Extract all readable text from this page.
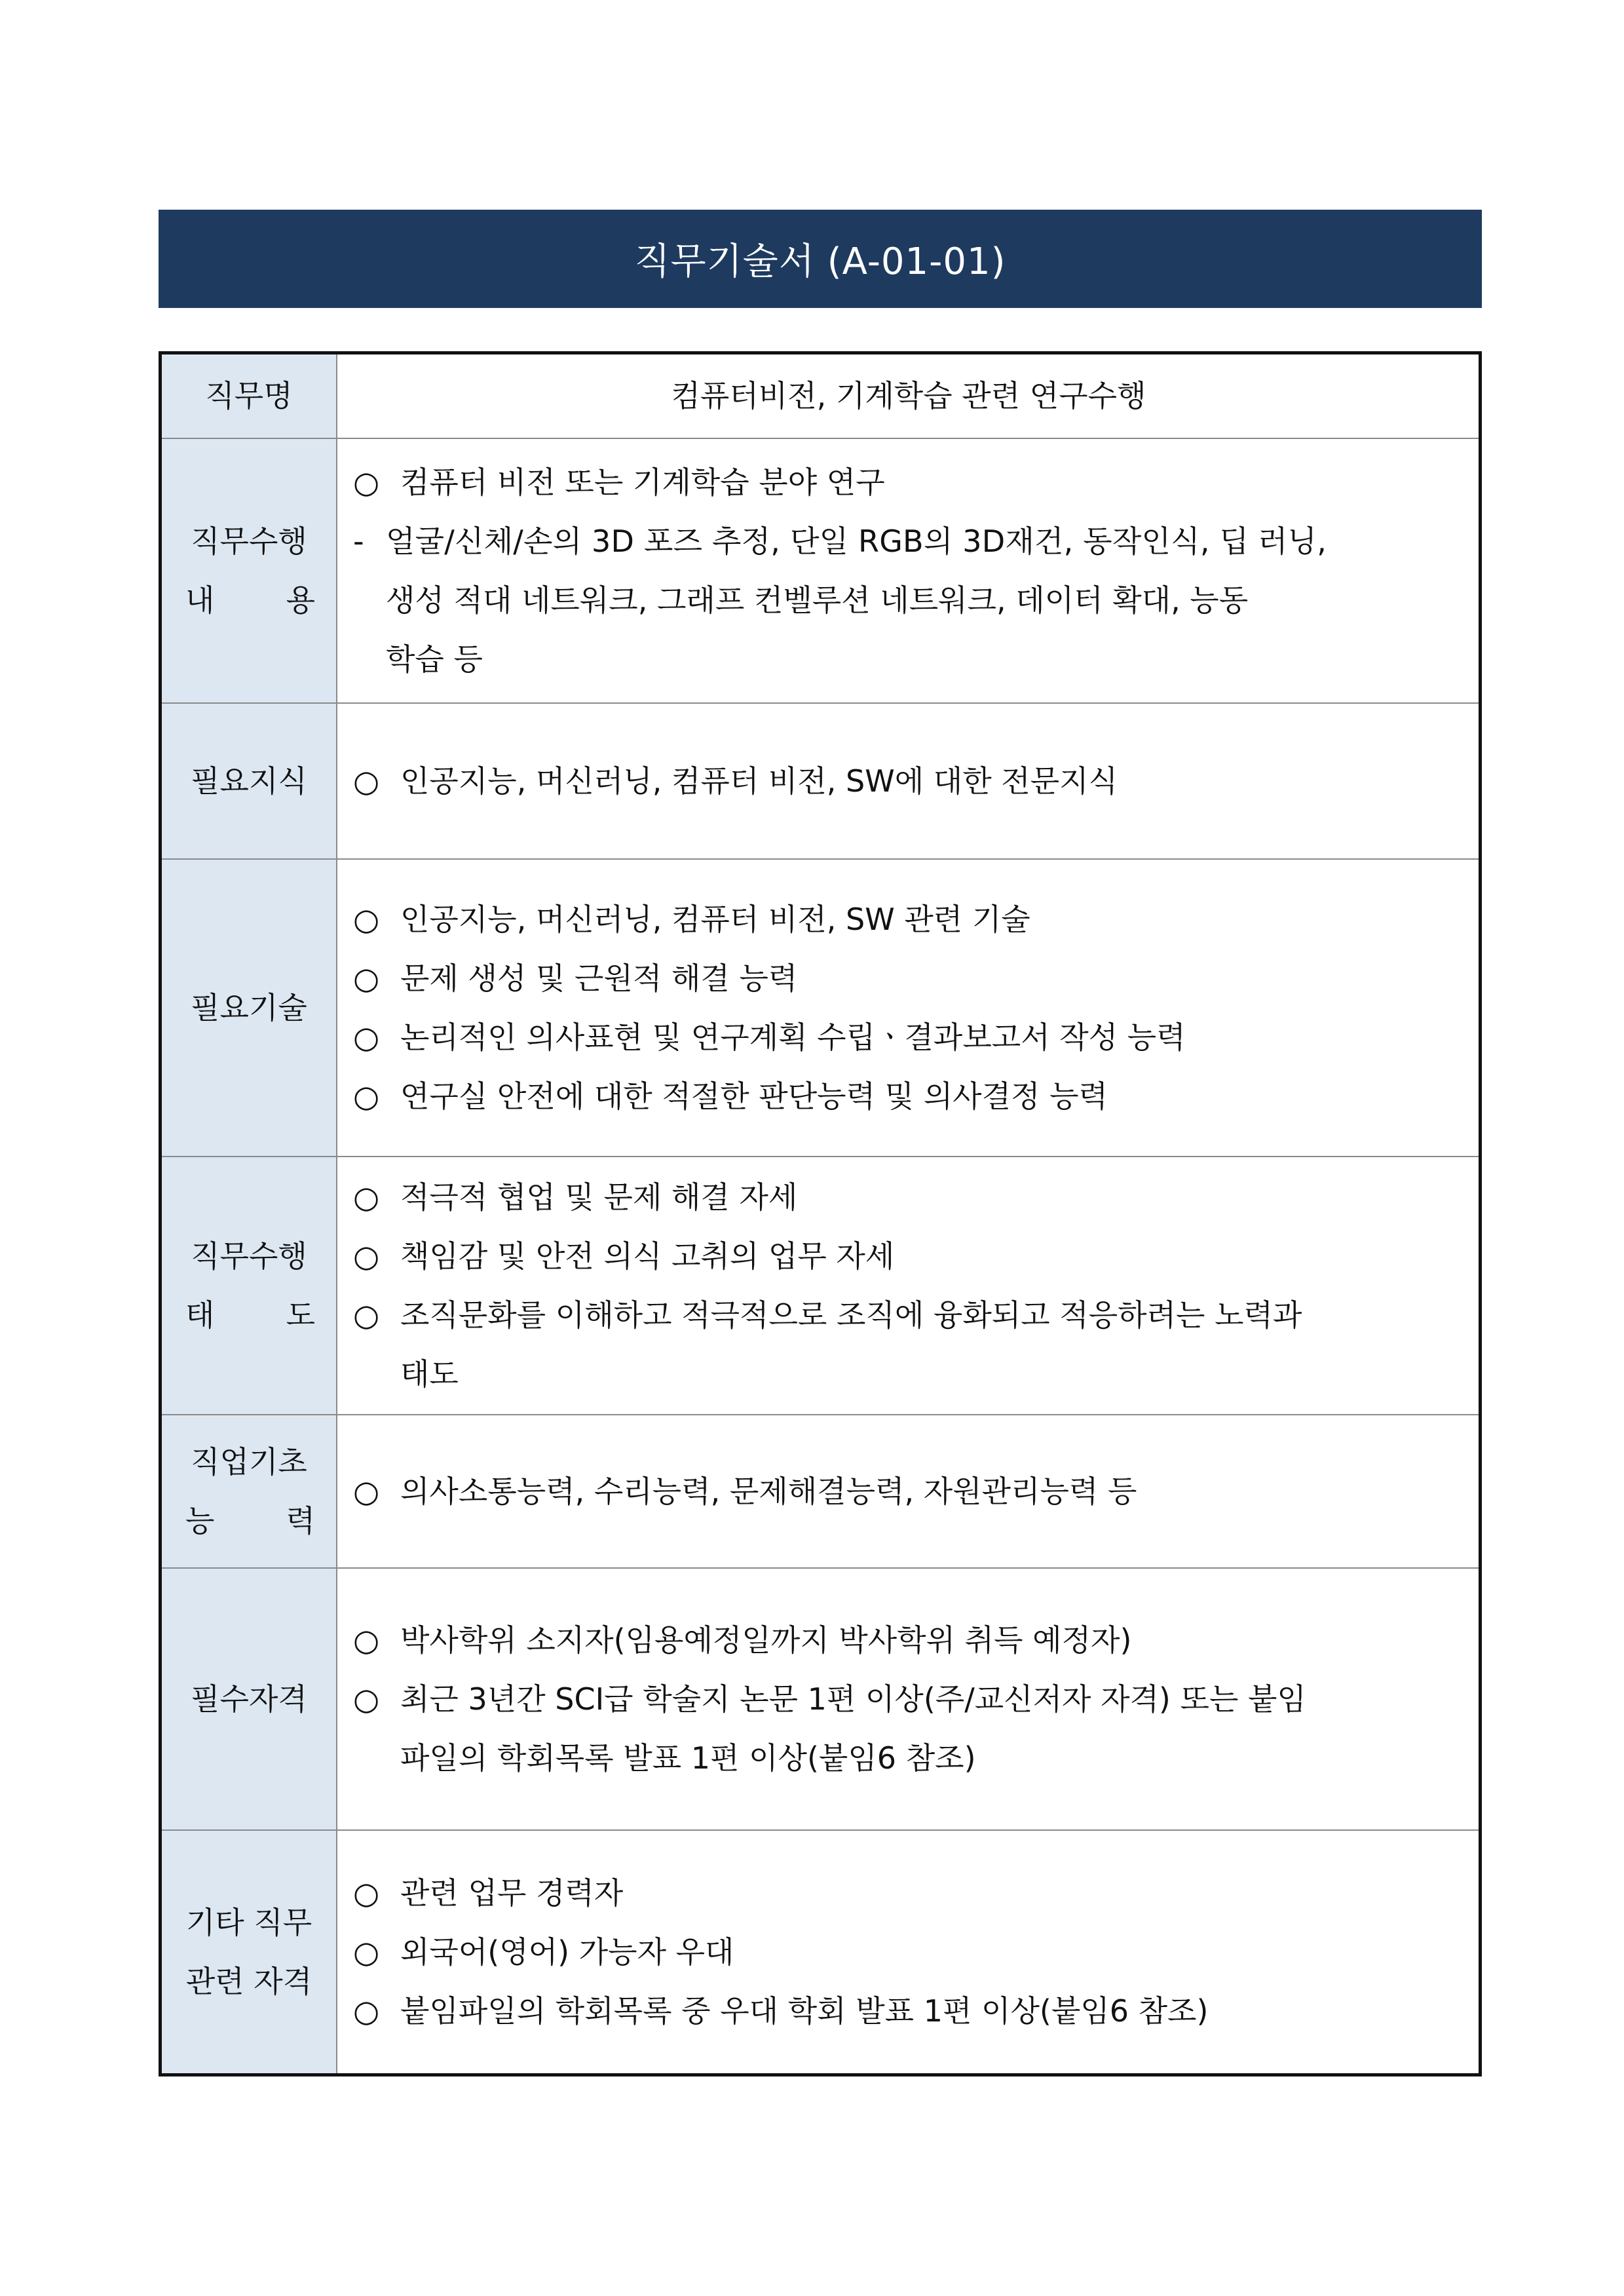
직무기술서 (A-01-01)
직무명	컴퓨터비전, 기계학습 관련 연구수행

직무수행
내 용	○ 컴퓨터 비전 또는 기계학습 분야 연구
- 얼굴/신체/손의 3D 포즈 추정, 단일 RGB의 3D재건, 동작인식, 딥 러닝,
생성 적대 네트워크, 그래프 컨벨루션 네트워크, 데이터 확대, 능동
학습 등

필요지식	○ 인공지능, 머신러닝, 컴퓨터 비전, SW에 대한 전문지식

필요기술	○ 인공지능, 머신러닝, 컴퓨터 비전, SW 관련 기술
○ 문제 생성 및 근원적 해결 능력
○ 논리적인 의사표현 및 연구계획 수립ㆍ결과보고서 작성 능력
○ 연구실 안전에 대한 적절한 판단능력 및 의사결정 능력

직무수행
태 도	○ 적극적 협업 및 문제 해결 자세
○ 책임감 및 안전 의식 고취의 업무 자세
○ 조직문화를 이해하고 적극적으로 조직에 융화되고 적응하려는 노력과
태도

직업기초
능 력	○ 의사소통능력, 수리능력, 문제해결능력, 자원관리능력 등

필수자격	○ 박사학위 소지자(임용예정일까지 박사학위 취득 예정자)
○ 최근 3년간 SCI급 학술지 논문 1편 이상(주/교신저자 자격) 또는 붙임
파일의 학회목록 발표 1편 이상(붙임6 참조)

기타 직무
관련 자격	○ 관련 업무 경력자
○ 외국어(영어) 가능자 우대
○ 붙임파일의 학회목록 중 우대 학회 발표 1편 이상(붙임6 참조)
